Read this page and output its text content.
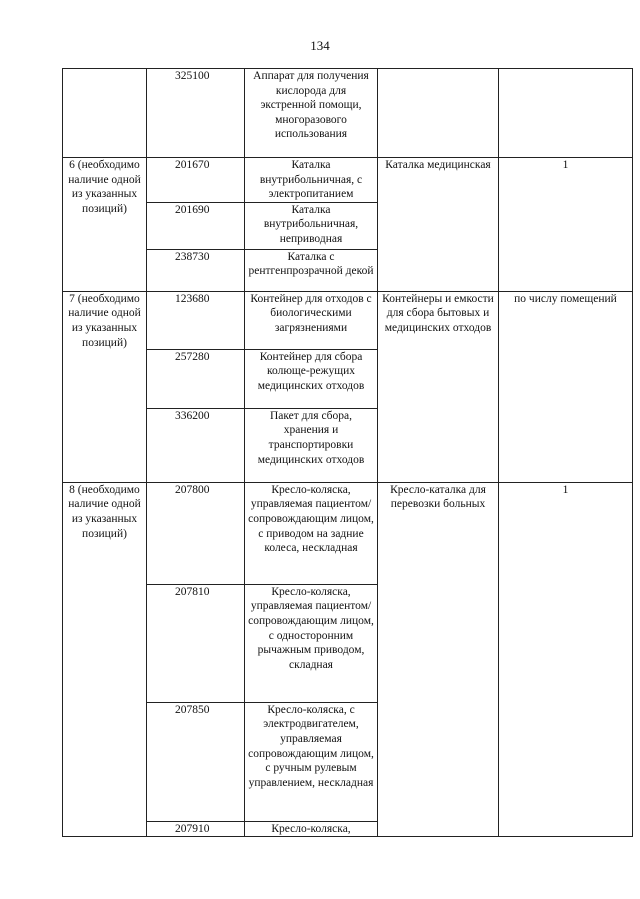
134

	325100	Аппарат для получения кислорода для экстренной помощи, многоразового использования		

6 (необходимо наличие одной из указанных позиций)	201670	Каталка внутрибольничная, с электропитанием	Каталка медицинская	1

	201690	Каталка внутрибольничная, неприводная		

	238730	Каталка с рентгенпрозрачной декой		

7 (необходимо наличие одной из указанных позиций)	123680	Контейнер для отходов с биологическими загрязнениями	Контейнеры и емкости для сбора бытовых и медицинских отходов	по числу помещений

	257280	Контейнер для сбора колюще-режущих медицинских отходов		

	336200	Пакет для сбора, хранения и транспортировки медицинских отходов		

8 (необходимо наличие одной из указанных позиций)	207800	Кресло-коляска, управляемая пациентом/ сопровождающим лицом, с приводом на задние колеса, нескладная	Кресло-каталка для перевозки больных	1

	207810	Кресло-коляска, управляемая пациентом/ сопровождающим лицом, с односторонним рычажным приводом, складная		

	207850	Кресло-коляска, с электродвигателем, управляемая сопровождающим лицом, с ручным рулевым управлением, нескладная		

	207910	Кресло-коляска,		
